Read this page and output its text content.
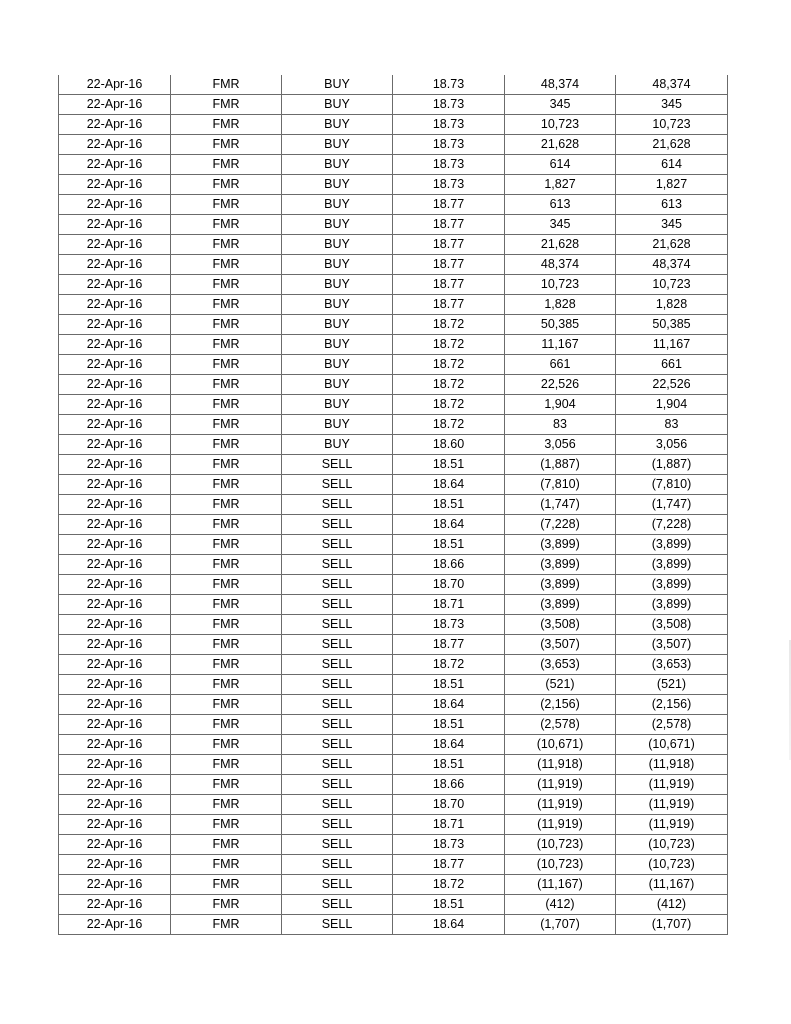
22-Apr-16	FMR	BUY	18.73	48,374	48,374
22-Apr-16	FMR	BUY	18.73	345	345
22-Apr-16	FMR	BUY	18.73	10,723	10,723
22-Apr-16	FMR	BUY	18.73	21,628	21,628
22-Apr-16	FMR	BUY	18.73	614	614
22-Apr-16	FMR	BUY	18.73	1,827	1,827
22-Apr-16	FMR	BUY	18.77	613	613
22-Apr-16	FMR	BUY	18.77	345	345
22-Apr-16	FMR	BUY	18.77	21,628	21,628
22-Apr-16	FMR	BUY	18.77	48,374	48,374
22-Apr-16	FMR	BUY	18.77	10,723	10,723
22-Apr-16	FMR	BUY	18.77	1,828	1,828
22-Apr-16	FMR	BUY	18.72	50,385	50,385
22-Apr-16	FMR	BUY	18.72	11,167	11,167
22-Apr-16	FMR	BUY	18.72	661	661
22-Apr-16	FMR	BUY	18.72	22,526	22,526
22-Apr-16	FMR	BUY	18.72	1,904	1,904
22-Apr-16	FMR	BUY	18.72	83	83
22-Apr-16	FMR	BUY	18.60	3,056	3,056
22-Apr-16	FMR	SELL	18.51	(1,887)	(1,887)
22-Apr-16	FMR	SELL	18.64	(7,810)	(7,810)
22-Apr-16	FMR	SELL	18.51	(1,747)	(1,747)
22-Apr-16	FMR	SELL	18.64	(7,228)	(7,228)
22-Apr-16	FMR	SELL	18.51	(3,899)	(3,899)
22-Apr-16	FMR	SELL	18.66	(3,899)	(3,899)
22-Apr-16	FMR	SELL	18.70	(3,899)	(3,899)
22-Apr-16	FMR	SELL	18.71	(3,899)	(3,899)
22-Apr-16	FMR	SELL	18.73	(3,508)	(3,508)
22-Apr-16	FMR	SELL	18.77	(3,507)	(3,507)
22-Apr-16	FMR	SELL	18.72	(3,653)	(3,653)
22-Apr-16	FMR	SELL	18.51	(521)	(521)
22-Apr-16	FMR	SELL	18.64	(2,156)	(2,156)
22-Apr-16	FMR	SELL	18.51	(2,578)	(2,578)
22-Apr-16	FMR	SELL	18.64	(10,671)	(10,671)
22-Apr-16	FMR	SELL	18.51	(11,918)	(11,918)
22-Apr-16	FMR	SELL	18.66	(11,919)	(11,919)
22-Apr-16	FMR	SELL	18.70	(11,919)	(11,919)
22-Apr-16	FMR	SELL	18.71	(11,919)	(11,919)
22-Apr-16	FMR	SELL	18.73	(10,723)	(10,723)
22-Apr-16	FMR	SELL	18.77	(10,723)	(10,723)
22-Apr-16	FMR	SELL	18.72	(11,167)	(11,167)
22-Apr-16	FMR	SELL	18.51	(412)	(412)
22-Apr-16	FMR	SELL	18.64	(1,707)	(1,707)
